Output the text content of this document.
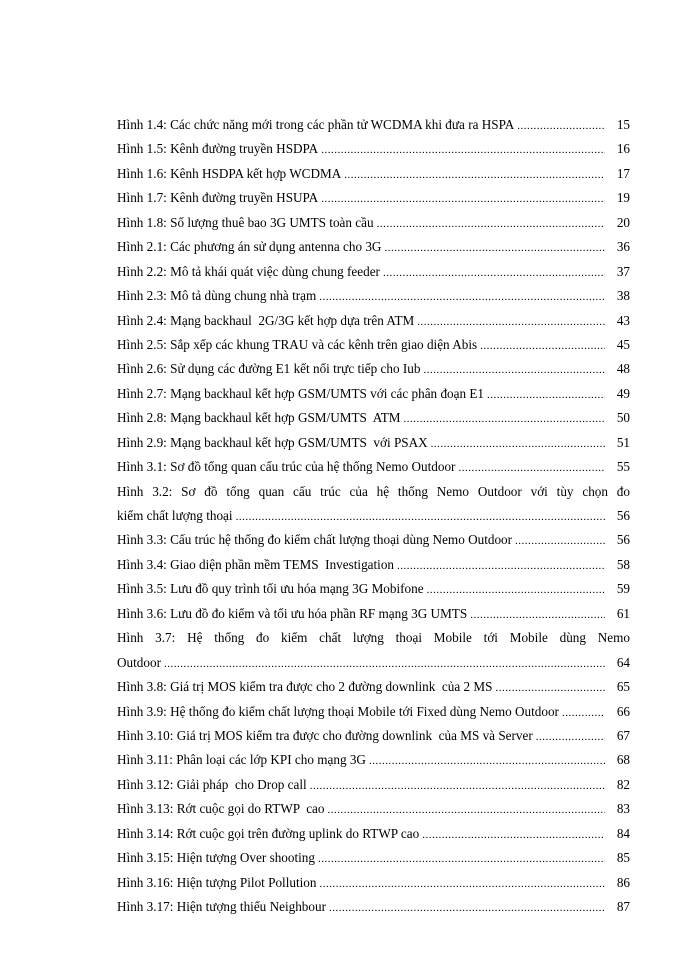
Hình 1.4: Các chức năng mới trong các phần tử WCDMA khi đưa ra HSPA .....	15
Hình 1.5: Kênh đường truyền HSDPA .....	16
Hình 1.6: Kênh HSDPA kết hợp WCDMA .....	17
Hình 1.7: Kênh đường truyền HSUPA .....	19
Hình 1.8: Số lượng thuê bao 3G UMTS toàn cầu .....	20
Hình 2.1: Các phương án sử dụng antenna cho 3G .....	36
Hình 2.2: Mô tả khái quát việc dùng chung feeder .....	37
Hình 2.3: Mô tả dùng chung nhà trạm .....	38
Hình 2.4: Mạng backhaul  2G/3G kết hợp dựa trên ATM .....	43
Hình 2.5: Sắp xếp các khung TRAU và các kênh trên giao diện Abis .....	45
Hình 2.6: Sử dụng các đường E1 kết nối trực tiếp cho Iub .....	48
Hình 2.7: Mạng backhaul kết hợp GSM/UMTS với các phân đoạn E1 .....	49
Hình 2.8: Mạng backhaul kết hợp GSM/UMTS  ATM .....	50
Hình 2.9: Mạng backhaul kết hợp GSM/UMTS  với PSAX .....	51
Hình 3.1: Sơ đồ tổng quan cấu trúc của hệ thống Nemo Outdoor .....	55
Hình 3.2: Sơ đồ tổng quan cấu trúc của hệ thống Nemo Outdoor với tùy chọn đo
kiểm chất lượng thoại .....	56
Hình 3.3: Cấu trúc hệ thống đo kiểm chất lượng thoại dùng Nemo Outdoor .....	56
Hình 3.4: Giao diện phần mềm TEMS  Investigation .....	58
Hình 3.5: Lưu đồ quy trình tối ưu hóa mạng 3G Mobifone .....	59
Hình 3.6: Lưu đồ đo kiểm và tối ưu hóa phần RF mạng 3G UMTS .....	61
Hình 3.7: Hệ thống đo kiểm chất lượng thoại Mobile tới Mobile dùng Nemo
Outdoor .....	64
Hình 3.8: Giá trị MOS kiểm tra được cho 2 đường downlink  của 2 MS .....	65
Hình 3.9: Hệ thống đo kiểm chất lượng thoại Mobile tới Fixed dùng Nemo Outdoor .....	66
Hình 3.10: Giá trị MOS kiểm tra được cho đường downlink  của MS và Server .....	67
Hình 3.11: Phân loại các lớp KPI cho mạng 3G .....	68
Hình 3.12: Giải pháp  cho Drop call .....	82
Hình 3.13: Rớt cuộc gọi do RTWP  cao .....	83
Hình 3.14: Rớt cuộc gọi trên đường uplink do RTWP cao .....	84
Hình 3.15: Hiện tượng Over shooting .....	85
Hình 3.16: Hiện tượng Pilot Pollution .....	86
Hình 3.17: Hiện tượng thiếu Neighbour .....	87
